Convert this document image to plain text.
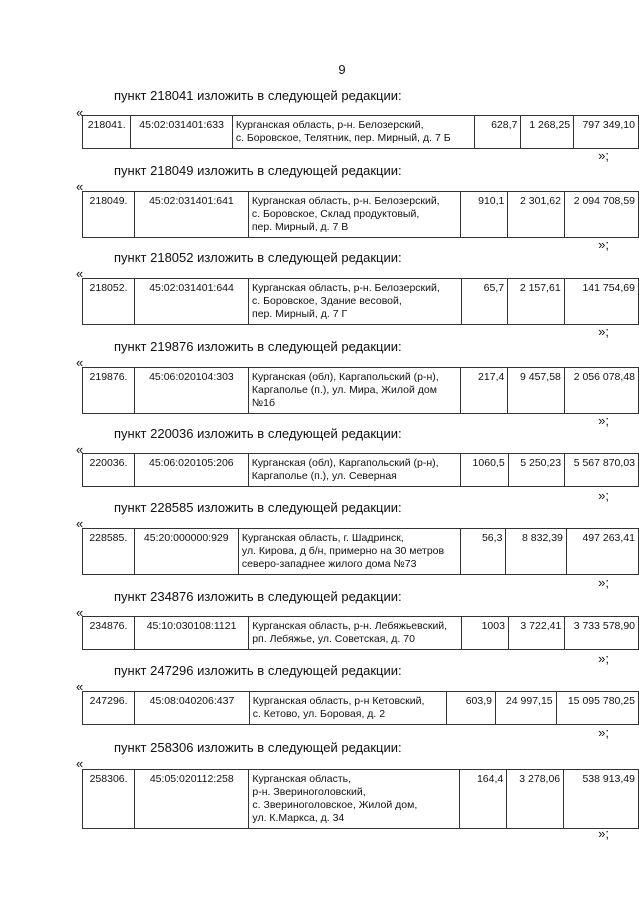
9
пункт 218041 изложить в следующей редакции:
«
218041.	45:02:031401:633	Курганская область, р-н. Белозерский,
с. Боровское, Телятник, пер. Мирный, д. 7 Б
	628,7	1 268,25	797 349,10
»;
пункт 218049 изложить в следующей редакции:
«
218049.	45:02:031401:641	Курганская область, р-н. Белозерский,
с. Боровское, Склад продуктовый,
пер. Мирный, д. 7 В
	910,1	2 301,62	2 094 708,59
»;
пункт 218052 изложить в следующей редакции:
«
218052.	45:02:031401:644	Курганская область, р-н. Белозерский,
с. Боровское, Здание весовой,
пер. Мирный, д. 7 Г
	65,7	2 157,61	141 754,69
»;
пункт 219876 изложить в следующей редакции:
«
219876.	45:06:020104:303	Курганская (обл), Каргапольский (р-н),
Каргаполье (п.), ул. Мира, Жилой дом
№1б
	217,4	9 457,58	2 056 078,48
»;
пункт 220036 изложить в следующей редакции:
«
220036.	45:06:020105:206	Курганская (обл), Каргапольский (р-н),
Каргаполье (п.), ул. Северная
	1060,5	5 250,23	5 567 870,03
»;
пункт 228585 изложить в следующей редакции:
«
228585.	45:20:000000:929	Курганская область, г. Шадринск,
ул. Кирова, д б/н, примерно на 30 метров
северо-западнее жилого дома №73
	56,3	8 832,39	497 263,41
»;
пункт 234876 изложить в следующей редакции:
«
234876.	45:10:030108:1121	Курганская область, р-н. Лебяжьевский,
рп. Лебяжье, ул. Советская, д. 70
	1003	3 722,41	3 733 578,90
»;
пункт 247296 изложить в следующей редакции:
«
247296.	45:08:040206:437	Курганская область, р-н Кетовский,
с. Кетово, ул. Боровая, д. 2
	603,9	24 997,15	15 095 780,25
»;
пункт 258306 изложить в следующей редакции:
«
258306.	45:05:020112:258	Курганская область,
р-н. Звериноголовский,
с. Звериноголовское, Жилой дом,
ул. К.Маркса, д. 34
	164,4	3 278,06	538 913,49
»;
